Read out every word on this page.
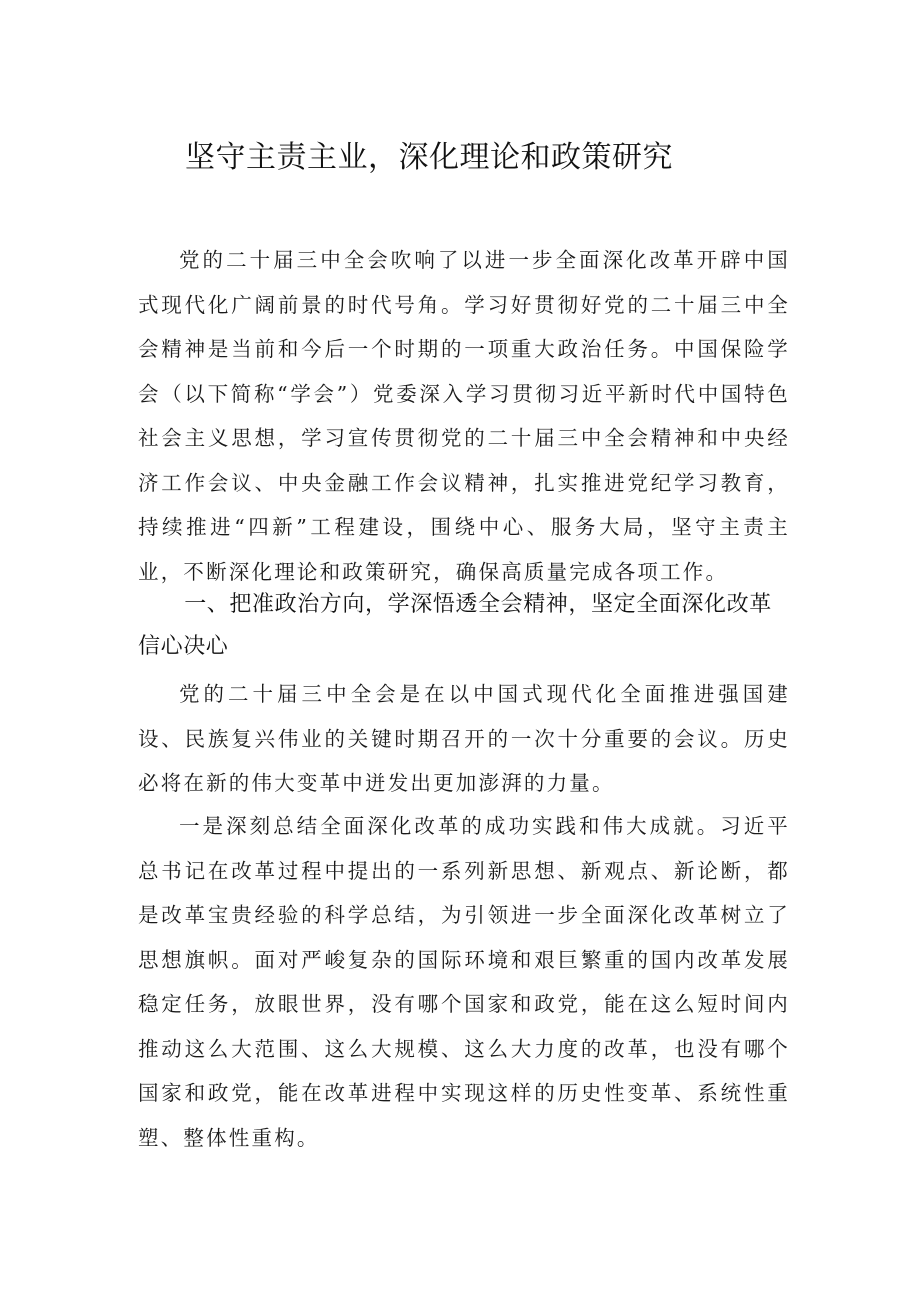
坚守主责主业，深化理论和政策研究

党的二十届三中全会吹响了以进一步全面深化改革开辟中国式现代化广阔前景的时代号角。学习好贯彻好党的二十届三中全会精神是当前和今后一个时期的一项重大政治任务。中国保险学会（以下简称“学会”）党委深入学习贯彻习近平新时代中国特色社会主义思想，学习宣传贯彻党的二十届三中全会精神和中央经济工作会议、中央金融工作会议精神，扎实推进党纪学习教育，持续推进“四新”工程建设，围绕中心、服务大局，坚守主责主业，不断深化理论和政策研究，确保高质量完成各项工作。

一、把准政治方向，学深悟透全会精神，坚定全面深化改革信心决心

党的二十届三中全会是在以中国式现代化全面推进强国建设、民族复兴伟业的关键时期召开的一次十分重要的会议。历史必将在新的伟大变革中迸发出更加澎湃的力量。

一是深刻总结全面深化改革的成功实践和伟大成就。习近平总书记在改革过程中提出的一系列新思想、新观点、新论断，都是改革宝贵经验的科学总结，为引领进一步全面深化改革树立了思想旗帜。面对严峻复杂的国际环境和艰巨繁重的国内改革发展稳定任务，放眼世界，没有哪个国家和政党，能在这么短时间内推动这么大范围、这么大规模、这么大力度的改革，也没有哪个国家和政党，能在改革进程中实现这样的历史性变革、系统性重塑、整体性重构。
